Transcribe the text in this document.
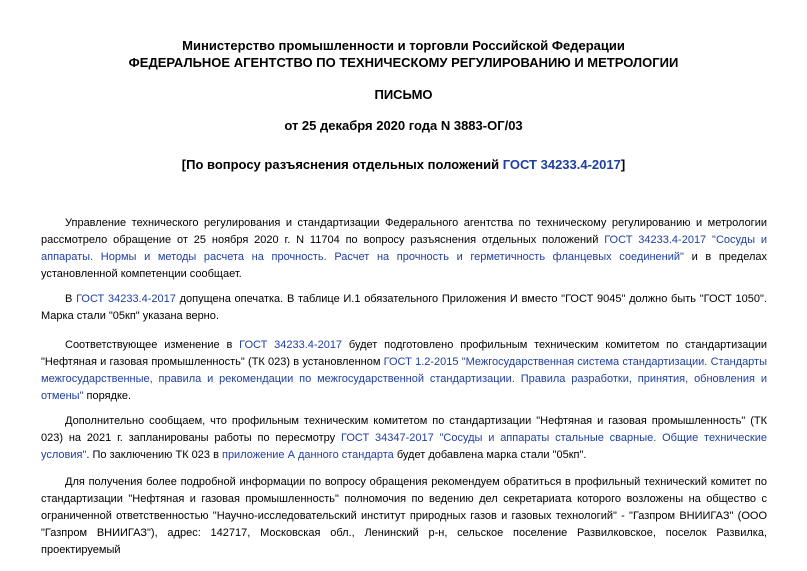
Министерство промышленности и торговли Российской Федерации
ФЕДЕРАЛЬНОЕ АГЕНТСТВО ПО ТЕХНИЧЕСКОМУ РЕГУЛИРОВАНИЮ И МЕТРОЛОГИИ
ПИСЬМО
от 25 декабря 2020 года N 3883-ОГ/03
[По вопросу разъяснения отдельных положений ГОСТ 34233.4-2017]

Управление технического регулирования и стандартизации Федерального агентства по техническому регулированию и метрологии рассмотрело обращение от 25 ноября 2020 г. N 11704 по вопросу разъяснения отдельных положений ГОСТ 34233.4-2017 "Сосуды и аппараты. Нормы и методы расчета на прочность. Расчет на прочность и герметичность фланцевых соединений" и в пределах установленной компетенции сообщает.

В ГОСТ 34233.4-2017 допущена опечатка. В таблице И.1 обязательного Приложения И вместо "ГОСТ 9045" должно быть "ГОСТ 1050". Марка стали "05кп" указана верно.

Соответствующее изменение в ГОСТ 34233.4-2017 будет подготовлено профильным техническим комитетом по стандартизации "Нефтяная и газовая промышленность" (ТК 023) в установленном ГОСТ 1.2-2015 "Межгосударственная система стандартизации. Стандарты межгосударственные, правила и рекомендации по межгосударственной стандартизации. Правила разработки, принятия, обновления и отмены" порядке.

Дополнительно сообщаем, что профильным техническим комитетом по стандартизации "Нефтяная и газовая промышленность" (ТК 023) на 2021 г. запланированы работы по пересмотру ГОСТ 34347-2017 "Сосуды и аппараты стальные сварные. Общие технические условия". По заключению ТК 023 в приложение А данного стандарта будет добавлена марка стали "05кп".

Для получения более подробной информации по вопросу обращения рекомендуем обратиться в профильный технический комитет по стандартизации "Нефтяная и газовая промышленность" полномочия по ведению дел секретариата которого возложены на общество с ограниченной ответственностью "Научно-исследовательский институт природных газов и газовых технологий" - "Газпром ВНИИГАЗ" (ООО "Газпром ВНИИГАЗ"), адрес: 142717, Московская обл., Ленинский р-н, сельское поселение Развилковское, поселок Развилка, проектируемый
